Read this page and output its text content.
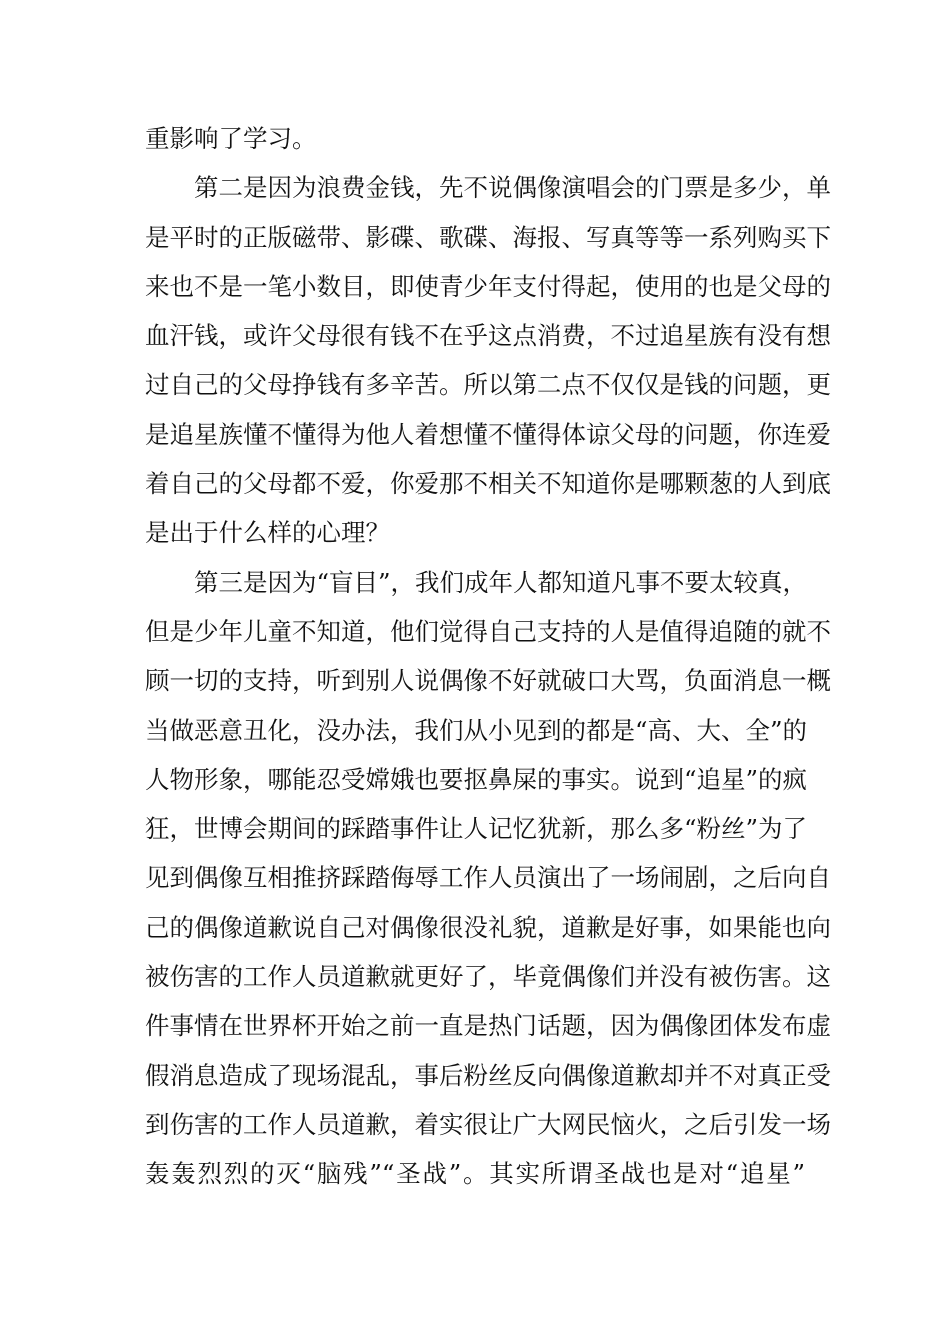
重影响了学习。
第二是因为浪费金钱，先不说偶像演唱会的门票是多少，单
是平时的正版磁带、影碟、歌碟、海报、写真等等一系列购买下
来也不是一笔小数目，即使青少年支付得起，使用的也是父母的
血汗钱，或许父母很有钱不在乎这点消费，不过追星族有没有想
过自己的父母挣钱有多辛苦。所以第二点不仅仅是钱的问题，更
是追星族懂不懂得为他人着想懂不懂得体谅父母的问题，你连爱
着自己的父母都不爱，你爱那不相关不知道你是哪颗葱的人到底
是出于什么样的心理？
第三是因为“盲目”，我们成年人都知道凡事不要太较真，
但是少年儿童不知道，他们觉得自己支持的人是值得追随的就不
顾一切的支持，听到别人说偶像不好就破口大骂，负面消息一概
当做恶意丑化，没办法，我们从小见到的都是“高、大、全”的
人物形象，哪能忍受嫦娥也要抠鼻屎的事实。说到“追星”的疯
狂，世博会期间的踩踏事件让人记忆犹新，那么多“粉丝”为了
见到偶像互相推挤踩踏侮辱工作人员演出了一场闹剧，之后向自
己的偶像道歉说自己对偶像很没礼貌，道歉是好事，如果能也向
被伤害的工作人员道歉就更好了，毕竟偶像们并没有被伤害。这
件事情在世界杯开始之前一直是热门话题，因为偶像团体发布虚
假消息造成了现场混乱，事后粉丝反向偶像道歉却并不对真正受
到伤害的工作人员道歉，着实很让广大网民恼火，之后引发一场
轰轰烈烈的灭“脑残”“圣战”。其实所谓圣战也是对“追星”
